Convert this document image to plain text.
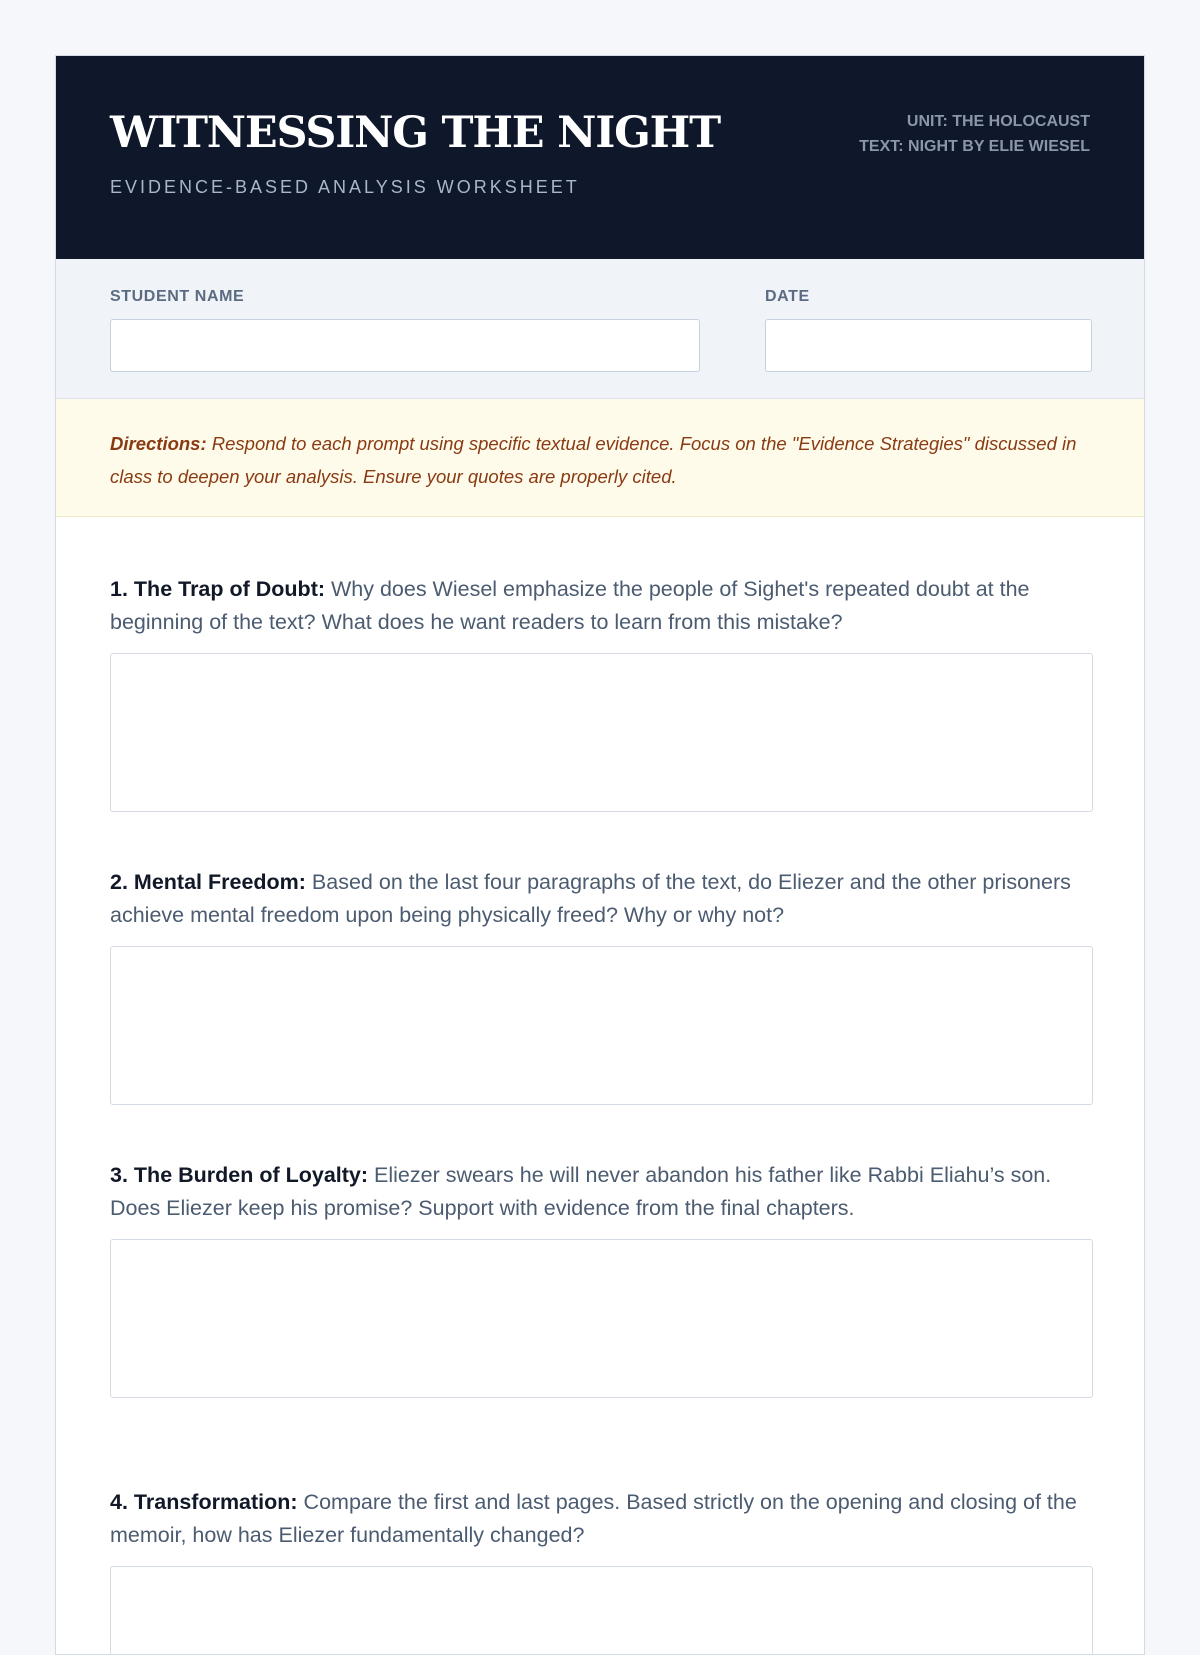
WITNESSING THE NIGHT
EVIDENCE-BASED ANALYSIS WORKSHEET
UNIT: THE HOLOCAUST
TEXT: NIGHT BY ELIE WIESEL
STUDENT NAME	DATE
Directions: Respond to each prompt using specific textual evidence. Focus on the "Evidence Strategies" discussed in class to deepen your analysis. Ensure your quotes are properly cited.
1. The Trap of Doubt: Why does Wiesel emphasize the people of Sighet's repeated doubt at the beginning of the text? What does he want readers to learn from this mistake?
2. Mental Freedom: Based on the last four paragraphs of the text, do Eliezer and the other prisoners achieve mental freedom upon being physically freed? Why or why not?
3. The Burden of Loyalty: Eliezer swears he will never abandon his father like Rabbi Eliahu’s son. Does Eliezer keep his promise? Support with evidence from the final chapters.
4. Transformation: Compare the first and last pages. Based strictly on the opening and closing of the memoir, how has Eliezer fundamentally changed?
